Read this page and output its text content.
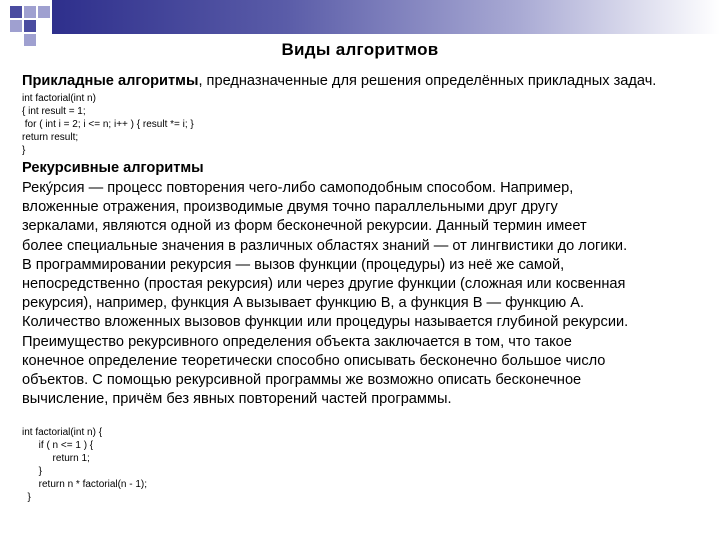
Виды алгоритмов

Прикладные алгоритмы, предназначенные для решения определённых прикладных задач.

int factorial(int n)
{ int result = 1;
for ( int i = 2; i <= n; i++ ) { result *= i; }
return result;
}
Рекурсивные алгоритмы
Реку́рсия — процесс повторения чего-либо самоподобным способом. Например,
вложенные отражения, производимые двумя точно параллельными друг другу
зеркалами, являются одной из форм бесконечной рекурсии. Данный термин имеет
более специальные значения в различных областях знаний — от лингвистики до логики.
В программировании рекурсия — вызов функции (процедуры) из неё же самой,
непосредственно (простая рекурсия) или через другие функции (сложная или косвенная
рекурсия), например, функция A вызывает функцию B, а функция B — функцию A.
Количество вложенных вызовов функции или процедуры называется глубиной рекурсии.
Преимущество рекурсивного определения объекта заключается в том, что такое
конечное определение теоретически способно описывать бесконечно большое число
объектов. С помощью рекурсивной программы же возможно описать бесконечное
вычисление, причём без явных повторений частей программы.
int factorial(int n) {
if ( n <= 1 ) {
return 1;
}
return n * factorial(n - 1);
}
